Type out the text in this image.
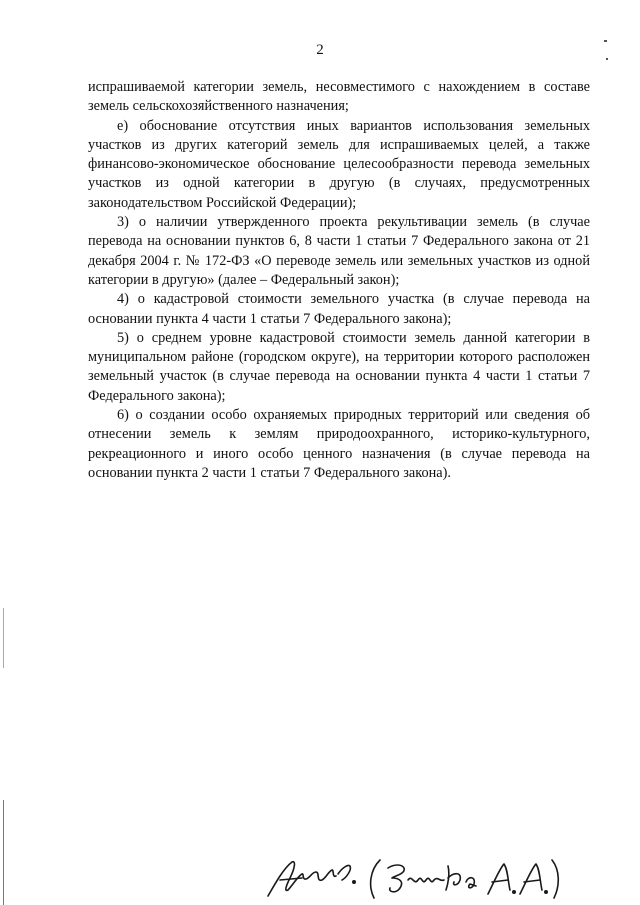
2

испрашиваемой категории земель, несовместимого с нахождением в составе земель сельскохозяйственного назначения;

е) обоснование отсутствия иных вариантов использования земельных участков из других категорий земель для испрашиваемых целей, а также финансово-экономическое обоснование целесообразности перевода земельных участков из одной категории в другую (в случаях, предусмотренных законодательством Российской Федерации);

3) о наличии утвержденного проекта рекультивации земель (в случае перевода на основании пунктов 6, 8 части 1 статьи 7 Федерального закона от 21 декабря 2004 г. № 172-ФЗ «О переводе земель или земельных участков из одной категории в другую» (далее – Федеральный закон);

4) о кадастровой стоимости земельного участка (в случае перевода на основании пункта 4 части 1 статьи 7 Федерального закона);

5) о среднем уровне кадастровой стоимости земель данной категории в муниципальном районе (городском округе), на территории которого расположен земельный участок (в случае перевода на основании пункта 4 части 1 статьи 7 Федерального закона);

6) о создании особо охраняемых природных территорий или сведения об отнесении земель к землям природоохранного, историко-культурного, рекреационного и иного особо ценного назначения (в случае перевода на основании пункта 2 части 1 статьи 7 Федерального закона).
